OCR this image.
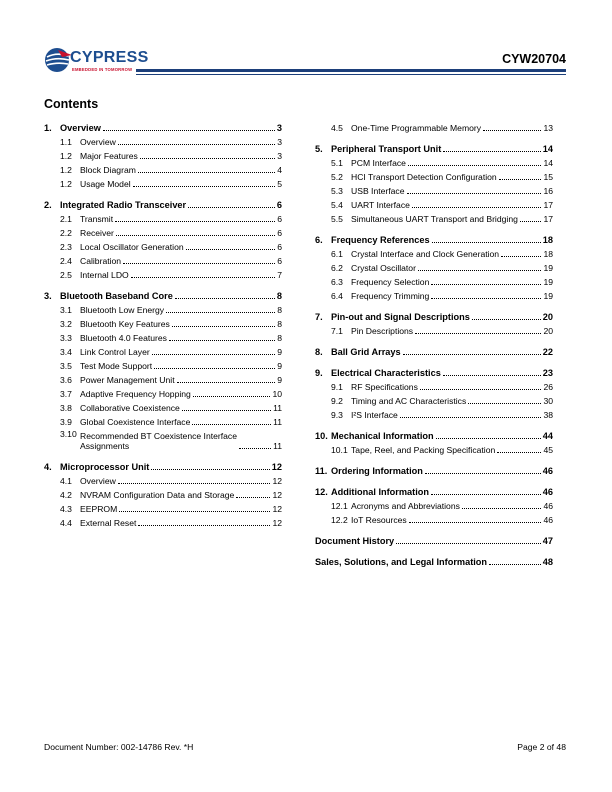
CYPRESS
EMBEDDED IN TOMORROW
CYW20704
Contents
1. Overview	3
1.1 Overview	3
1.2 Major Features	3
1.2 Block Diagram	4
1.2 Usage Model	5
2. Integrated Radio Transceiver	6
2.1 Transmit	6
2.2 Receiver	6
2.3 Local Oscillator Generation	6
2.4 Calibration	6
2.5 Internal LDO	7
3. Bluetooth Baseband Core	8
3.1 Bluetooth Low Energy	8
3.2 Bluetooth Key Features	8
3.3 Bluetooth 4.0 Features	8
3.4 Link Control Layer	9
3.5 Test Mode Support	9
3.6 Power Management Unit	9
3.7 Adaptive Frequency Hopping	10
3.8 Collaborative Coexistence	11
3.9 Global Coexistence Interface	11
3.10 Recommended BT Coexistence Interface
Assignments	11
4. Microprocessor Unit	12
4.1 Overview	12
4.2 NVRAM Configuration Data and Storage	12
4.3 EEPROM	12
4.4 External Reset	12
4.5 One-Time Programmable Memory	13
5. Peripheral Transport Unit	14
5.1 PCM Interface	14
5.2 HCI Transport Detection Configuration	15
5.3 USB Interface	16
5.4 UART Interface	17
5.5 Simultaneous UART Transport and Bridging	17
6. Frequency References	18
6.1 Crystal Interface and Clock Generation	18
6.2 Crystal Oscillator	19
6.3 Frequency Selection	19
6.4 Frequency Trimming	19
7. Pin-out and Signal Descriptions	20
7.1 Pin Descriptions	20
8. Ball Grid Arrays	22
9. Electrical Characteristics	23
9.1 RF Specifications	26
9.2 Timing and AC Characteristics	30
9.3 I²S Interface	38
10. Mechanical Information	44
10.1 Tape, Reel, and Packing Specification	45
11. Ordering Information	46
12. Additional Information	46
12.1 Acronyms and Abbreviations	46
12.2 IoT Resources	46
Document History	47
Sales, Solutions, and Legal Information	48
Document Number: 002-14786 Rev. *H	Page 2 of 48
